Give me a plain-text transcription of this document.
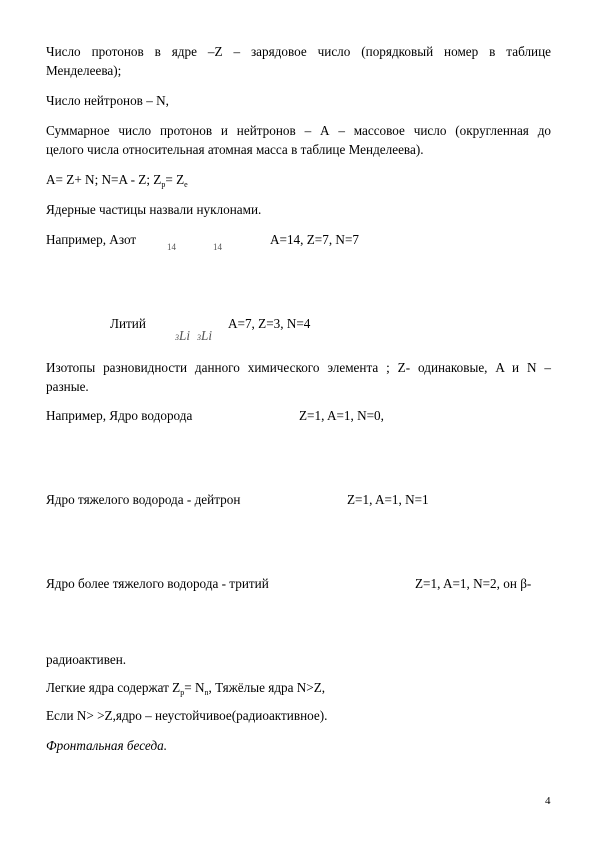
Число протонов в ядре –Z – зарядовое число (порядковый номер в таблице
Менделеева);
Число нейтронов – N,
Суммарное число протонов и нейтронов – А – массовое число (округленная до
целого числа относительная атомная масса в таблице Менделеева).
A= Z+ N; N=A - Z; $Z_р= Z_e$
Ядерные частицы назвали нуклонами.
Например, Азот	14	14	A=14, Z=7, N=7
Литий
3Li 3Li
A=7, Z=3, N=4
Изотопы разновидности данного химического элемента ; Z- одинаковые, A и N –
разные.
Например, Ядро водорода	Z=1, A=1, N=0,
Ядро тяжелого водорода - дейтрон	Z=1, A=1, N=1
Ядро более тяжелого водорода - тритий	Z=1, A=1, N=2, он β-
радиоактивен.
Легкие ядра содержат $Z_p= N_n$, Тяжёлые ядра N>Z,
Если N> >Z,ядро – неустойчивое(радиоактивное).
Фронтальная беседа.
4
